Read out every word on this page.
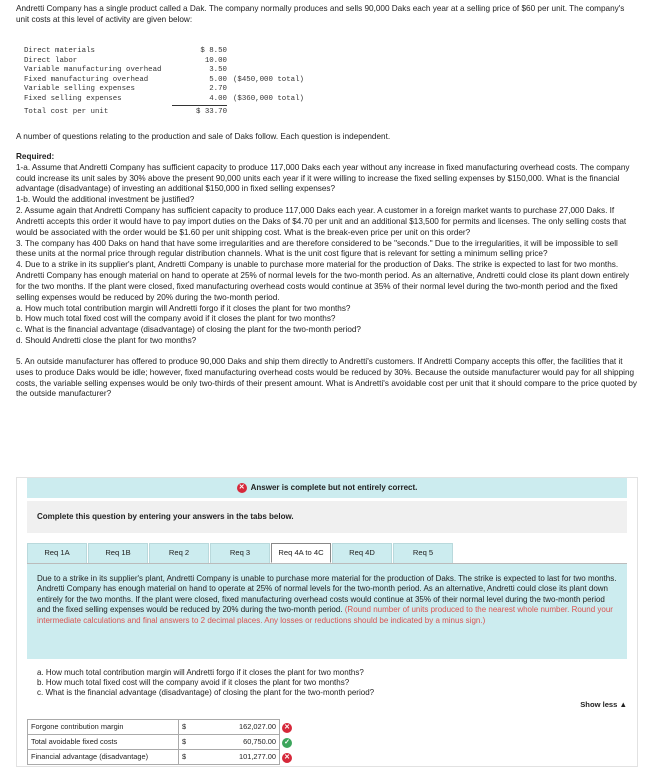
Andretti Company has a single product called a Dak. The company normally produces and sells 90,000 Daks each year at a selling price of $60 per unit. The company's unit costs at this level of activity are given below:
Direct materials	$ 8.50
Direct labor	10.00
Variable manufacturing overhead	3.50
Fixed manufacturing overhead	5.00 ($450,000 total)
Variable selling expenses	2.70
Fixed selling expenses	4.00 ($360,000 total)
Total cost per unit	$ 33.70
A number of questions relating to the production and sale of Daks follow. Each question is independent.

Required:

1-a. Assume that Andretti Company has sufficient capacity to produce 117,000 Daks each year without any increase in fixed manufacturing overhead costs. The company could increase its unit sales by 30% above the present 90,000 units each year if it were willing to increase the fixed selling expenses by $150,000. What is the financial advantage (disadvantage) of investing an additional $150,000 in fixed selling expenses?

1-b. Would the additional investment be justified?

2. Assume again that Andretti Company has sufficient capacity to produce 117,000 Daks each year. A customer in a foreign market wants to purchase 27,000 Daks. If Andretti accepts this order it would have to pay import duties on the Daks of $4.70 per unit and an additional $13,500 for permits and licenses. The only selling costs that would be associated with the order would be $1.60 per unit shipping cost. What is the break-even price per unit on this order?

3. The company has 400 Daks on hand that have some irregularities and are therefore considered to be "seconds." Due to the irregularities, it will be impossible to sell these units at the normal price through regular distribution channels. What is the unit cost figure that is relevant for setting a minimum selling price?

4. Due to a strike in its supplier's plant, Andretti Company is unable to purchase more material for the production of Daks. The strike is expected to last for two months. Andretti Company has enough material on hand to operate at 25% of normal levels for the two-month period. As an alternative, Andretti could close its plant down entirely for the two months. If the plant were closed, fixed manufacturing overhead costs would continue at 35% of their normal level during the two-month period and the fixed selling expenses would be reduced by 20% during the two-month period.

a. How much total contribution margin will Andretti forgo if it closes the plant for two months?

b. How much total fixed cost will the company avoid if it closes the plant for two months?

c. What is the financial advantage (disadvantage) of closing the plant for the two-month period?

d. Should Andretti close the plant for two months?

5. An outside manufacturer has offered to produce 90,000 Daks and ship them directly to Andretti's customers. If Andretti Company accepts this offer, the facilities that it uses to produce Daks would be idle; however, fixed manufacturing overhead costs would be reduced by 30%. Because the outside manufacturer would pay for all shipping costs, the variable selling expenses would be only two-thirds of their present amount. What is Andretti's avoidable cost per unit that it should compare to the price quoted by the outside manufacturer?

✕ Answer is complete but not entirely correct.
Complete this question by entering your answers in the tabs below.
Req 1A	Req 1B	Req 2	Req 3	Req 4A to 4C	Req 4D	Req 5
Due to a strike in its supplier's plant, Andretti Company is unable to purchase more material for the production of Daks. The strike is expected to last for two months. Andretti Company has enough material on hand to operate at 25% of normal levels for the two-month period. As an alternative, Andretti could close its plant down entirely for the two months. If the plant were closed, fixed manufacturing overhead costs would continue at 35% of their normal level during the two-month period and the fixed selling expenses would be reduced by 20% during the two-month period. (Round number of units produced to the nearest whole number. Round your intermediate calculations and final answers to 2 decimal places. Any losses or reductions should be indicated by a minus sign.)
a. How much total contribution margin will Andretti forgo if it closes the plant for two months?
b. How much total fixed cost will the company avoid if it closes the plant for two months?
c. What is the financial advantage (disadvantage) of closing the plant for the two-month period?
Show less ▲
Forgone contribution margin	$	162,027.00	✕
Total avoidable fixed costs	$	60,750.00	✓
Financial advantage (disadvantage)	$	101,277.00	✕
